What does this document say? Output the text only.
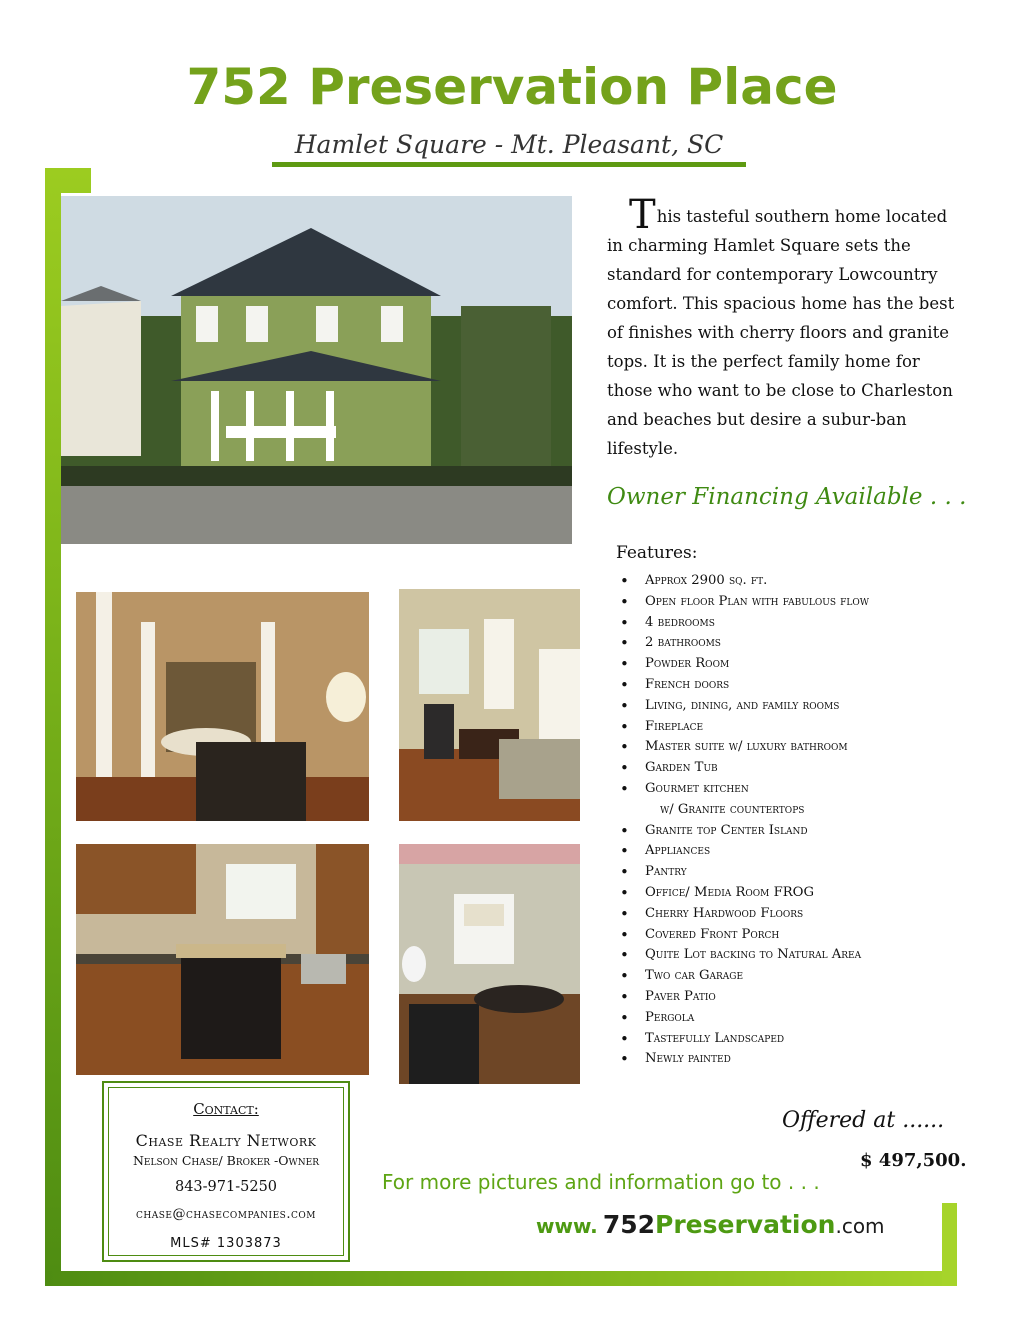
752 Preservation Place
Hamlet Square - Mt. Pleasant, SC
This tasteful southern home located in charming Hamlet Square sets the standard for contemporary Lowcountry comfort. This spacious home has the best of finishes with cherry floors and granite tops. It is the perfect family home for those who want to be close to Charleston and beaches but desire a subur-ban lifestyle.
Owner Financing Available . . .
Features:
• Approx 2900 sq. ft.
• Open floor Plan with fabulous flow
• 4 bedrooms
• 2 bathrooms
• Powder Room
• French doors
• Living, dining, and family rooms
• Fireplace
• Master suite w/ luxury bathroom
• Garden Tub
• Gourmet kitchen
w/ Granite countertops
• Granite top Center Island
• Appliances
• Pantry
• Office/ Media Room FROG
• Cherry Hardwood Floors
• Covered Front Porch
• Quite Lot backing to Natural Area
• Two car Garage
• Paver Patio
• Pergola
• Tastefully Landscaped
• Newly painted
Offered at ......
$ 497,500.
For more pictures and information go to . . .
www. 752Preservation.com
Contact:
Chase Realty Network
Nelson Chase/ Broker -Owner
843-971-5250
chase@chasecompanies.com
MLS# 1303873
